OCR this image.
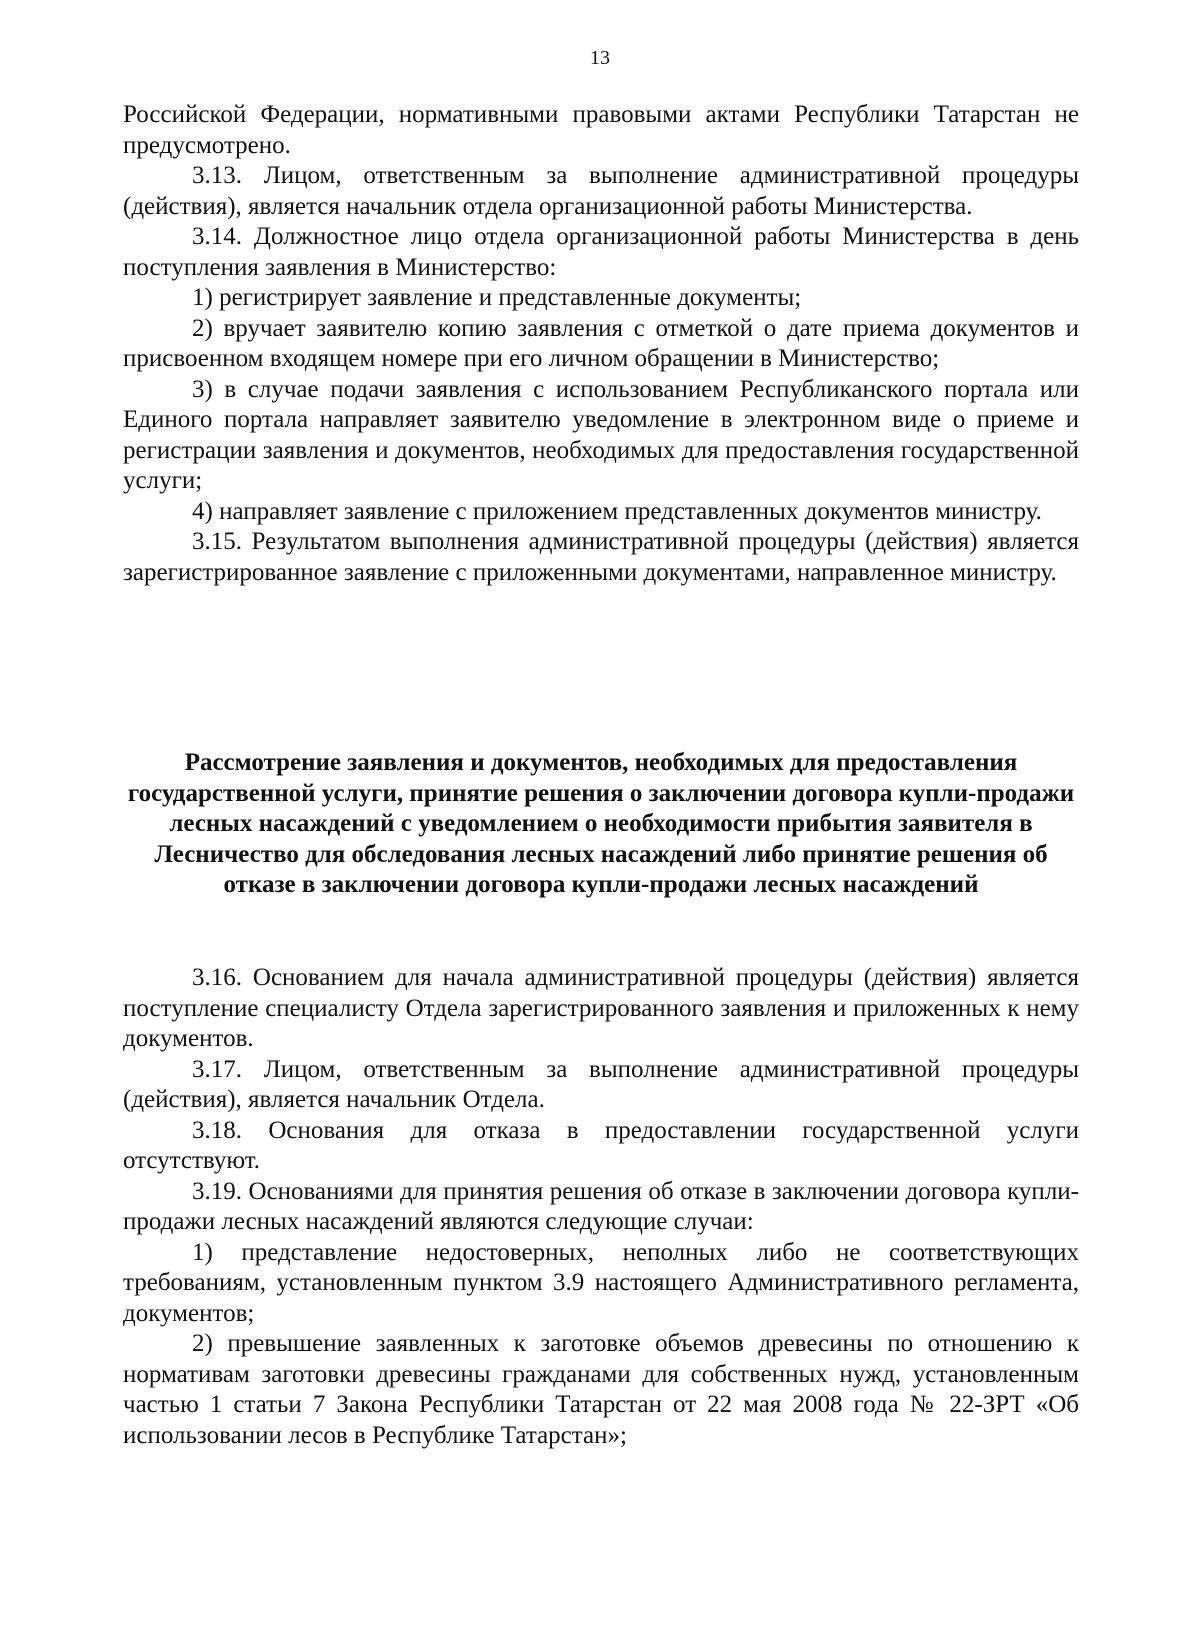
13

Российской Федерации, нормативными правовыми актами Республики Татарстан не предусмотрено.

3.13. Лицом, ответственным за выполнение административной процедуры (действия), является начальник отдела организационной работы Министерства.

3.14. Должностное лицо отдела организационной работы Министерства в день поступления заявления в Министерство:

1) регистрирует заявление и представленные документы;

2) вручает заявителю копию заявления с отметкой о дате приема документов и присвоенном входящем номере при его личном обращении в Министерство;

3) в случае подачи заявления с использованием Республиканского портала или Единого портала направляет заявителю уведомление в электронном виде о приеме и регистрации заявления и документов, необходимых для предоставления государственной услуги;

4) направляет заявление с приложением представленных документов министру.

3.15. Результатом выполнения административной процедуры (действия) является зарегистрированное заявление с приложенными документами, направленное министру.

Рассмотрение заявления и документов, необходимых для предоставления государственной услуги, принятие решения о заключении договора купли-продажи лесных насаждений с уведомлением о необходимости прибытия заявителя в Лесничество для обследования лесных насаждений либо принятие решения об отказе в заключении договора купли-продажи лесных насаждений

3.16. Основанием для начала административной процедуры (действия) является поступление специалисту Отдела зарегистрированного заявления и приложенных к нему документов.

3.17. Лицом, ответственным за выполнение административной процедуры (действия), является начальник Отдела.

3.18. Основания для отказа в предоставлении государственной услуги отсутствуют.

3.19. Основаниями для принятия решения об отказе в заключении договора купли-продажи лесных насаждений являются следующие случаи:

1) представление недостоверных, неполных либо не соответствующих требованиям, установленным пунктом 3.9 настоящего Административного регламента, документов;

2) превышение заявленных к заготовке объемов древесины по отношению к нормативам заготовки древесины гражданами для собственных нужд, установленным частью 1 статьи 7 Закона Республики Татарстан от 22 мая 2008 года № 22-ЗРТ «Об использовании лесов в Республике Татарстан»;
